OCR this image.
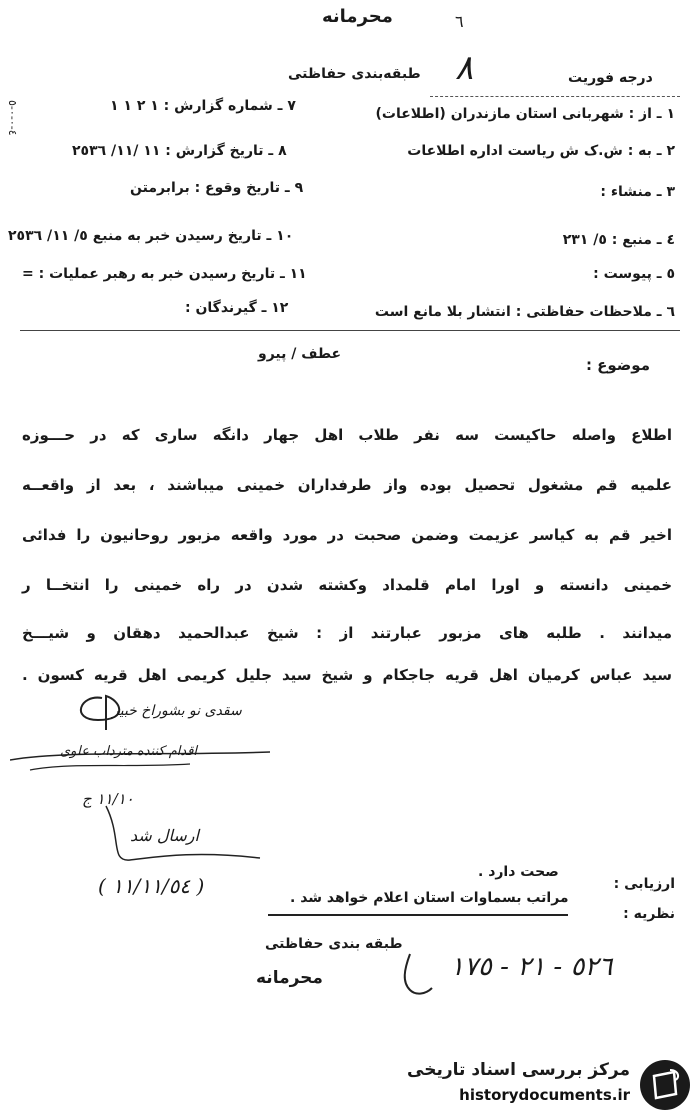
محرمانه	٦
٨
طبقه‌بندی حفاظتی	درجه فوریت
٤-٠-٠-٥
١ ـ از : شهربانی استان مازندران (اطلاعات)
٧ ـ شماره گزارش : ١ ٢ ١ ١
٢ ـ به : ش.ک ش ریاست اداره اطلاعات
٨ ـ تاریخ گزارش : ١١ /١١/ ٢٥٣٦
٣ ـ منشاء :
٩ ـ تاریخ وقوع : برابرمتن
٤ ـ منبع : ٥/ ٢٣١
١٠ ـ تاریخ رسیدن خبر به منبع ٥/ ١١/ ٢٥٣٦
٥ ـ پیوست :
١١ ـ تاریخ رسیدن خبر به رهبر عملیات : =
٦ ـ ملاحظات حفاظتی : انتشار بلا مانع است
١٢ ـ گیرندگان :
عطف / پیرو
موضوع :
اطلاع واصله حاکیست سه نفر طلاب اهل جهار دانگه ساری که در حـــوزه
علمیه قم مشغول تحصیل بوده واز طرفداران خمینی میباشند ، بعد از واقعــه
اخیر قم به کیاسر عزیمت وضمن صحبت در مورد واقعه مزبور روحانیون را فدائی
خمینی دانسته و اورا امام قلمداد وکشته شدن در راه خمینی را انتخــا ر
میدانند . طلبه های مزبور عبارتند از : شیخ عبدالحمید دهقان و شیـــخ
سید عباس کرمیان اهل قریه جاجکام و شیخ سید جلیل کریمی اهل قریه کسون .
سقدی نو بشوراخ خبیر
اقدام کننده مترداب علوی
١١/١٠ ج
ارسال شد
( ١١/١١/٥٤ )	ارزیابی :
نظریه :
صحت دارد .
مراتب بسماوات استان اعلام خواهد شد .
طبقه بندی حفاظتی
محرمانه	٥٢٦ - ٢١ - ١٧٥
مرکز بررسی اسناد تاریخی
historydocuments.ir
